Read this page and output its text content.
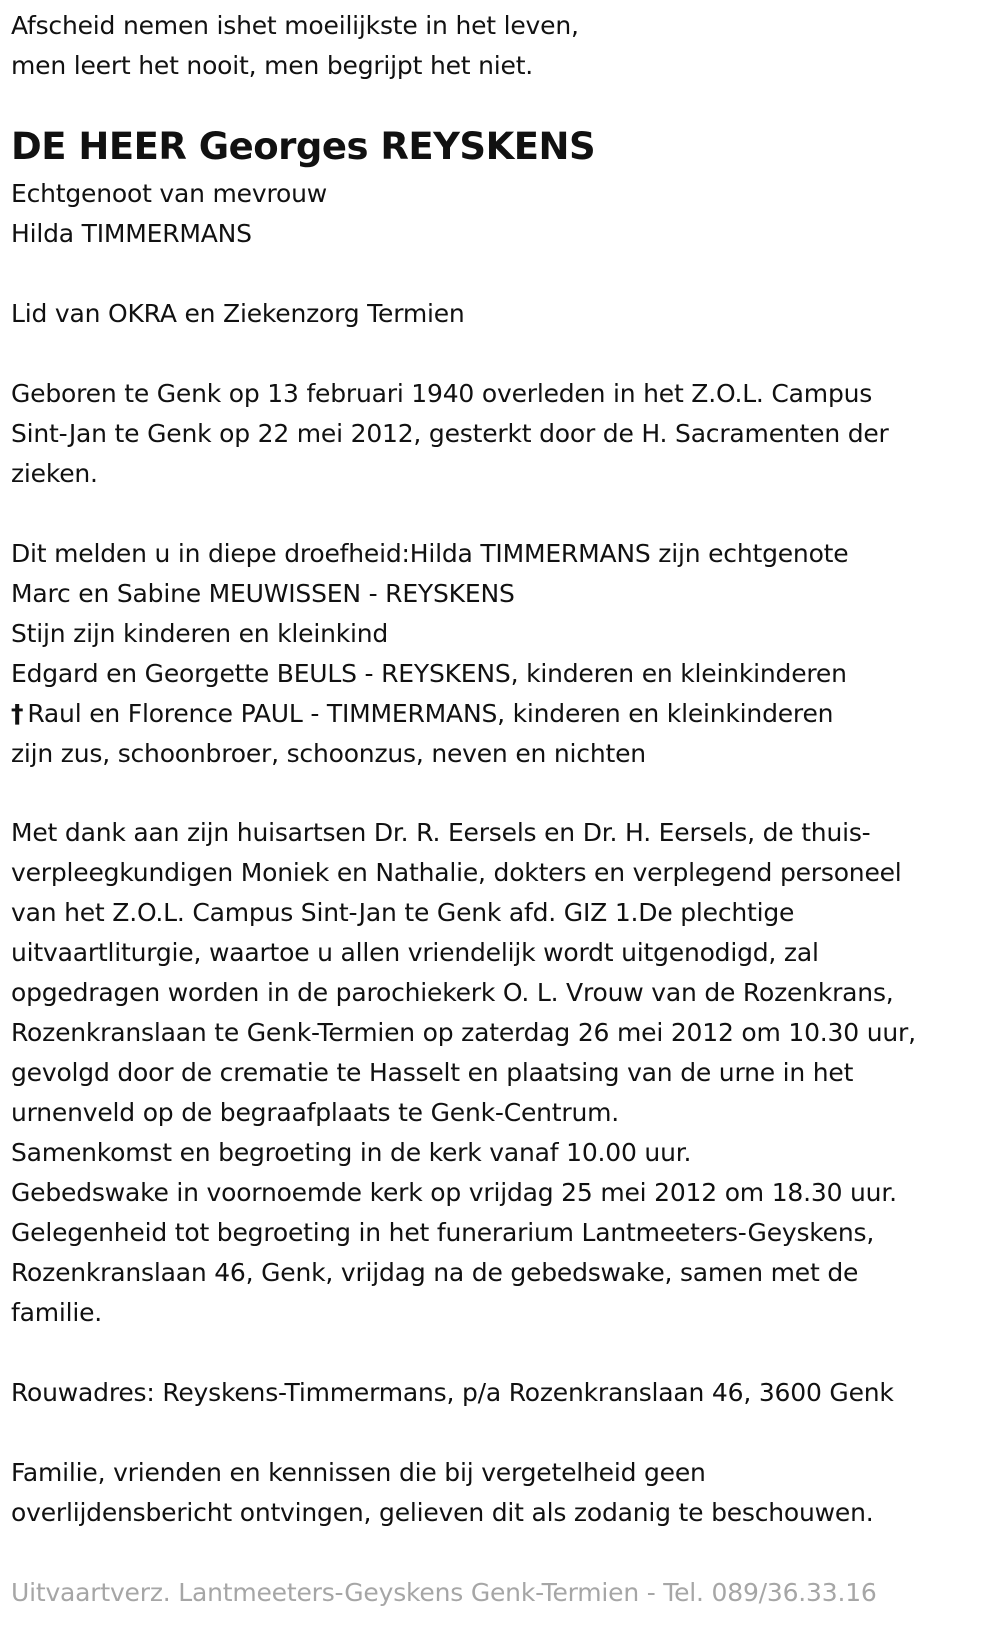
Afscheid nemen ishet moeilijkste in het leven,
men leert het nooit, men begrijpt het niet.
DE HEER Georges REYSKENS
Echtgenoot van mevrouw
Hilda TIMMERMANS
Lid van OKRA en Ziekenzorg Termien
Geboren te Genk op 13 februari 1940 overleden in het Z.O.L. Campus
Sint-Jan te Genk op 22 mei 2012, gesterkt door de H. Sacramenten der
zieken.
Dit melden u in diepe droefheid:Hilda TIMMERMANS zijn echtgenote
Marc en Sabine MEUWISSEN - REYSKENS
Stijn zijn kinderen en kleinkind
Edgard en Georgette BEULS - REYSKENS, kinderen en kleinkinderen
† Raul en Florence PAUL - TIMMERMANS, kinderen en kleinkinderen
zijn zus, schoonbroer, schoonzus, neven en nichten
Met dank aan zijn huisartsen Dr. R. Eersels en Dr. H. Eersels, de thuis-
verpleegkundigen Moniek en Nathalie, dokters en verplegend personeel
van het Z.O.L. Campus Sint-Jan te Genk afd. GIZ 1.De plechtige
uitvaartliturgie, waartoe u allen vriendelijk wordt uitgenodigd, zal
opgedragen worden in de parochiekerk O. L. Vrouw van de Rozenkrans,
Rozenkranslaan te Genk-Termien op zaterdag 26 mei 2012 om 10.30 uur,
gevolgd door de crematie te Hasselt en plaatsing van de urne in het
urnenveld op de begraafplaats te Genk-Centrum.
Samenkomst en begroeting in de kerk vanaf 10.00 uur.
Gebedswake in voornoemde kerk op vrijdag 25 mei 2012 om 18.30 uur.
Gelegenheid tot begroeting in het funerarium Lantmeeters-Geyskens,
Rozenkranslaan 46, Genk, vrijdag na de gebedswake, samen met de
familie.
Rouwadres: Reyskens-Timmermans, p/a Rozenkranslaan 46, 3600 Genk
Familie, vrienden en kennissen die bij vergetelheid geen
overlijdensbericht ontvingen, gelieven dit als zodanig te beschouwen.
Uitvaartverz. Lantmeeters-Geyskens Genk-Termien - Tel. 089/36.33.16
